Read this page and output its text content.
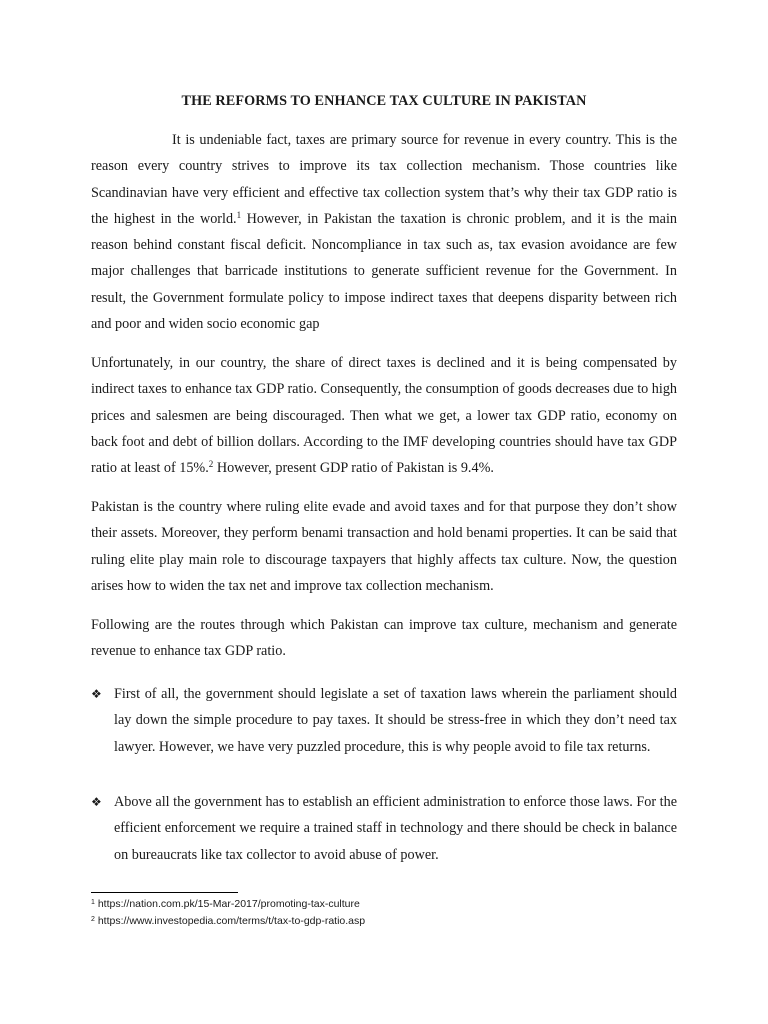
THE REFORMS TO ENHANCE TAX CULTURE IN PAKISTAN

It is undeniable fact, taxes are primary source for revenue in every country. This is the reason every country strives to improve its tax collection mechanism. Those countries like Scandinavian have very efficient and effective tax collection system that’s why their tax GDP ratio is the highest in the world.$^1$ However, in Pakistan the taxation is chronic problem, and it is the main reason behind constant fiscal deficit. Noncompliance in tax such as, tax evasion avoidance are few major challenges that barricade institutions to generate sufficient revenue for the Government. In result, the Government formulate policy to impose indirect taxes that deepens disparity between rich and poor and widen socio economic gap

Unfortunately, in our country, the share of direct taxes is declined and it is being compensated by indirect taxes to enhance tax GDP ratio. Consequently, the consumption of goods decreases due to high prices and salesmen are being discouraged. Then what we get, a lower tax GDP ratio, economy on back foot and debt of billion dollars. According to the IMF developing countries should have tax GDP ratio at least of 15%.$^2$ However, present GDP ratio of Pakistan is 9.4%.

Pakistan is the country where ruling elite evade and avoid taxes and for that purpose they don’t show their assets. Moreover, they perform benami transaction and hold benami properties. It can be said that ruling elite play main role to discourage taxpayers that highly affects tax culture. Now, the question arises how to widen the tax net and improve tax collection mechanism.

Following are the routes through which Pakistan can improve tax culture, mechanism and generate revenue to enhance tax GDP ratio.

❖ First of all, the government should legislate a set of taxation laws wherein the parliament should lay down the simple procedure to pay taxes. It should be stress-free in which they don’t need tax lawyer. However, we have very puzzled procedure, this is why people avoid to file tax returns.

❖ Above all the government has to establish an efficient administration to enforce those laws. For the efficient enforcement we require a trained staff in technology and there should be check in balance on bureaucrats like tax collector to avoid abuse of power.

$^1$ https://nation.com.pk/15-Mar-2017/promoting-tax-culture

$^2$ https://www.investopedia.com/terms/t/tax-to-gdp-ratio.asp
